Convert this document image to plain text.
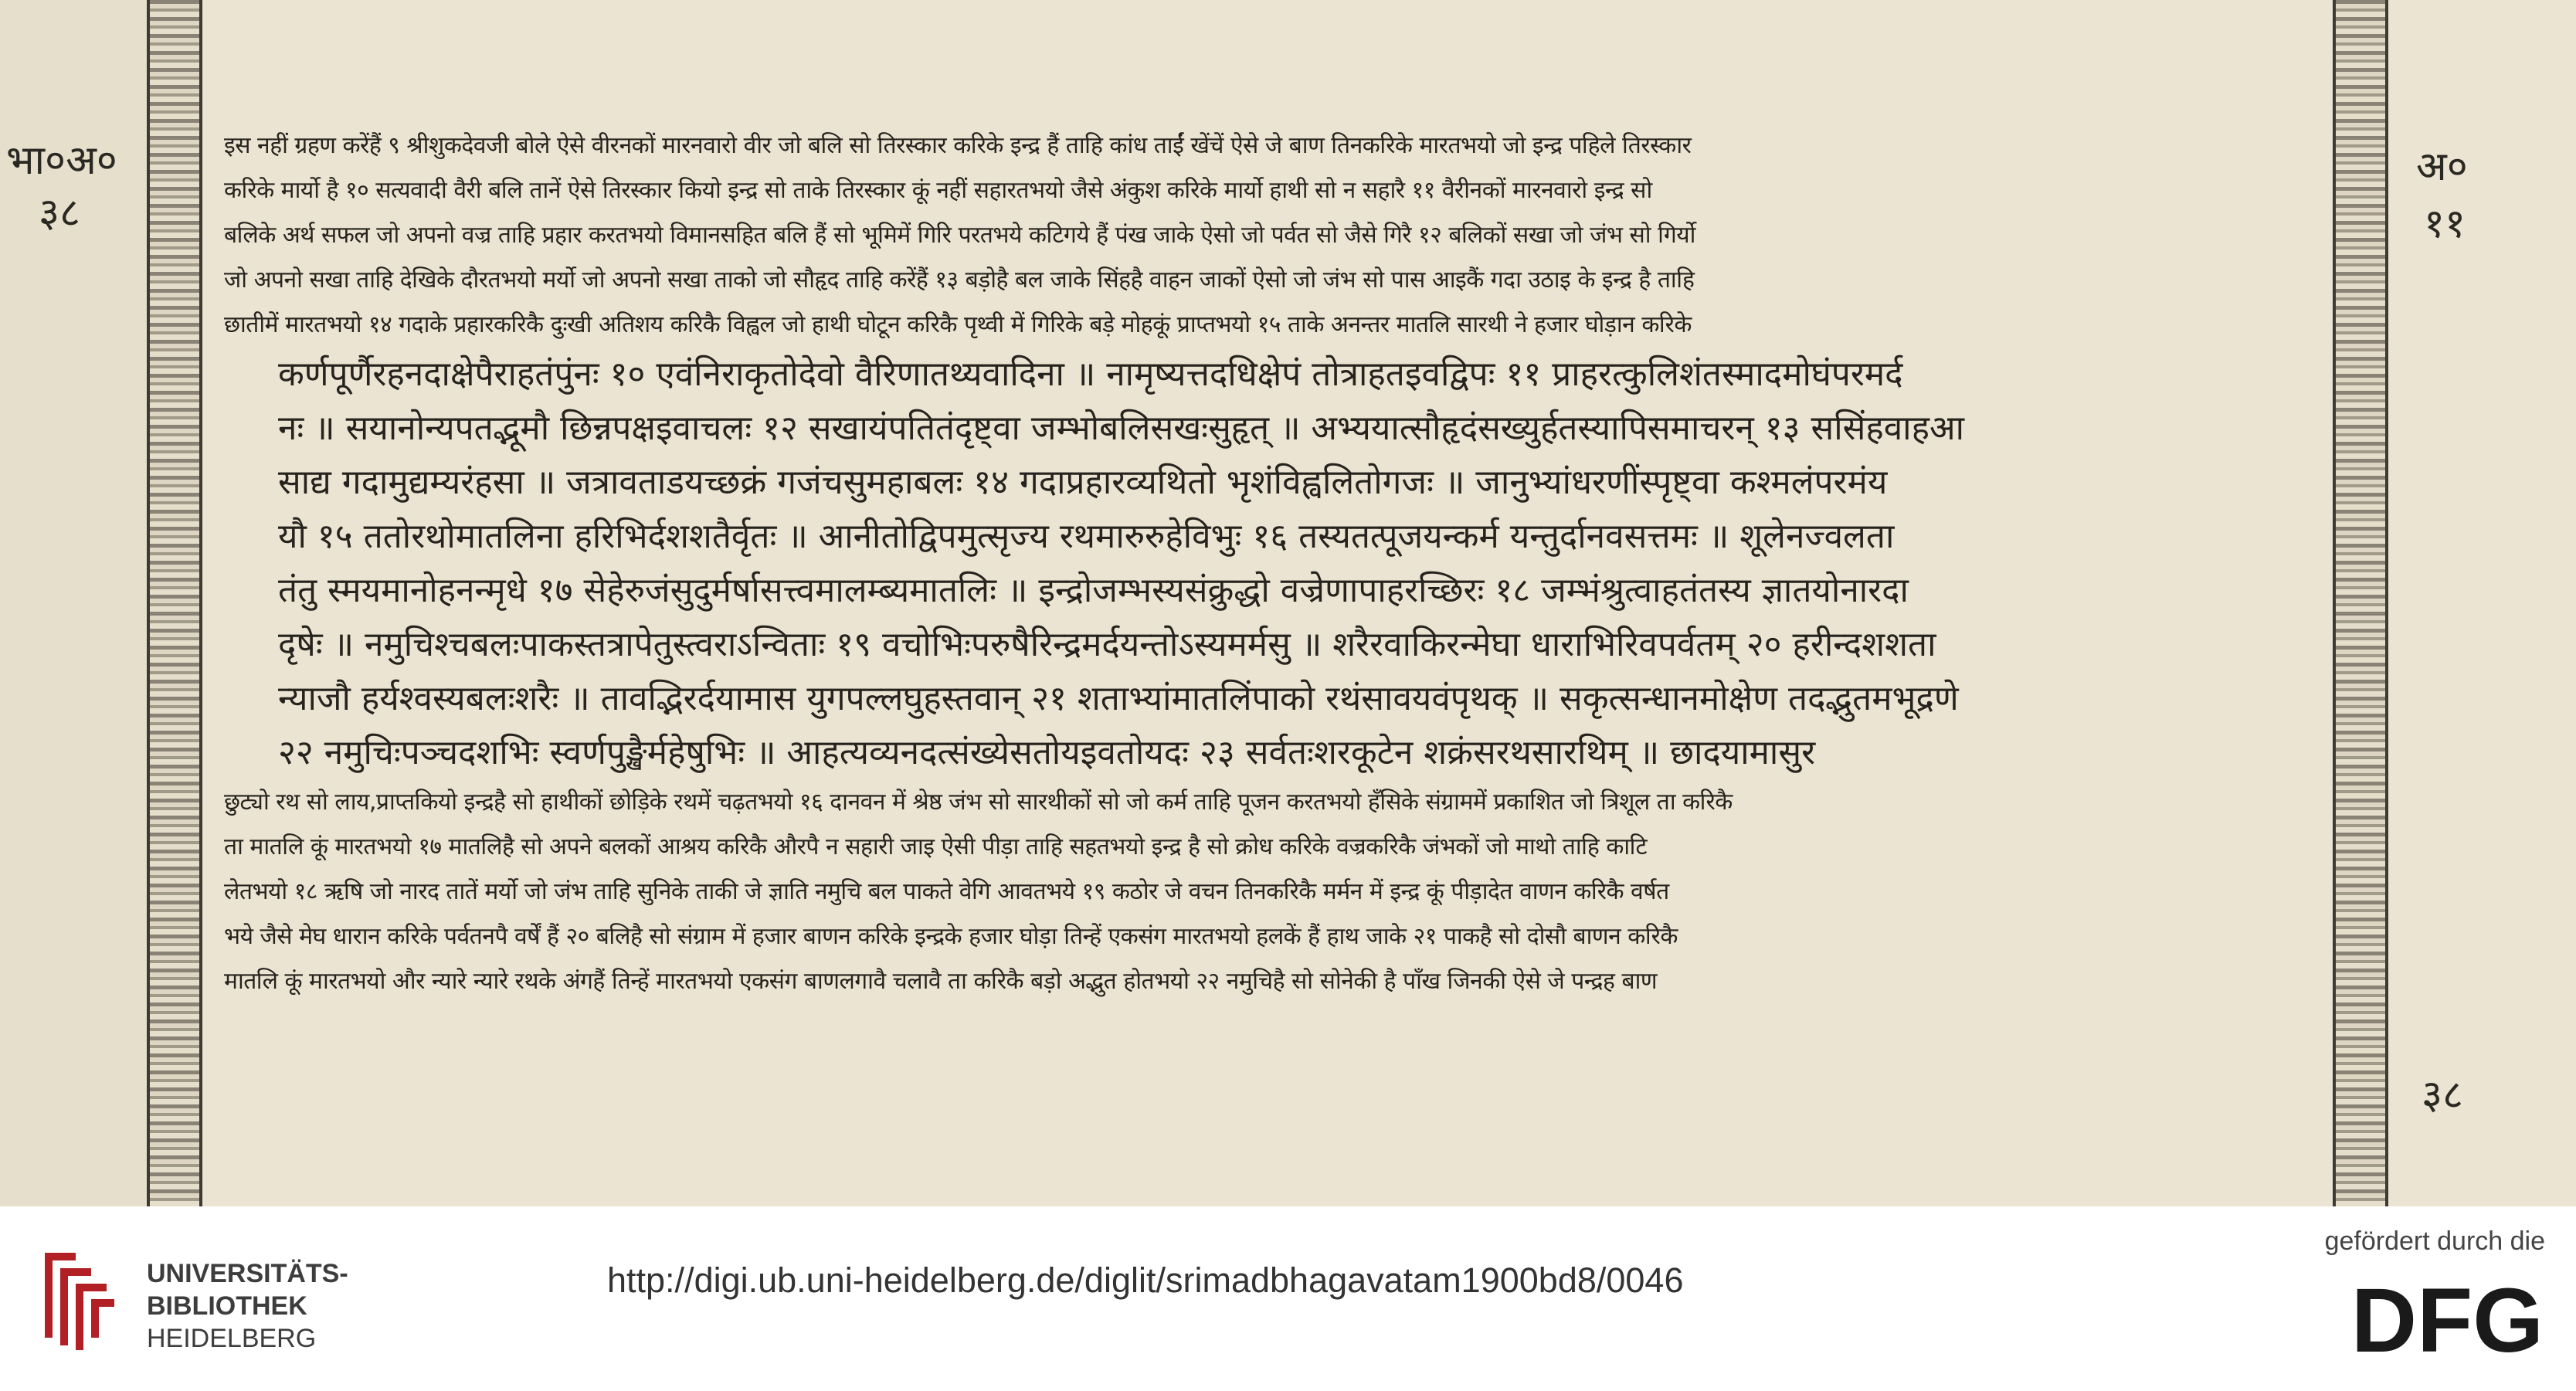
भा०अ०
३८
अ०
११
३८
इस नहीं ग्रहण करेंहैं ९ श्रीशुकदेवजी बोले ऐसे वीरनकों मारनवारो वीर जो बलि सो तिरस्कार करिके इन्द्र हैं ताहि कांध ताईं खेंचें ऐसे जे बाण तिनकरिके मारतभयो जो इन्द्र पहिले तिरस्कार
करिके मार्यो है १० सत्यवादी वैरी बलि तानें ऐसे तिरस्कार कियो इन्द्र सो ताके तिरस्कार कूं नहीं सहारतभयो जैसे अंकुश करिके मार्यो हाथी सो न सहारै ११ वैरीनकों मारनवारो इन्द्र सो
बलिके अर्थ सफल जो अपनो वज्र ताहि प्रहार करतभयो विमानसहित बलि हैं सो भूमिमें गिरि परतभये कटिगये हैं पंख जाके ऐसो जो पर्वत सो जैसे गिरै १२ बलिकों सखा जो जंभ सो गिर्यो
जो अपनो सखा ताहि देखिके दौरतभयो मर्यो जो अपनो सखा ताको जो सौहृद ताहि करेंहैं १३ बड़ोहै बल जाके सिंहहै वाहन जाकों ऐसो जो जंभ सो पास आइकैं गदा उठाइ के इन्द्र है ताहि
छातीमें मारतभयो १४ गदाके प्रहारकरिकै दुःखी अतिशय करिकै विह्वल जो हाथी घोटून करिकै पृथ्वी में गिरिके बड़े मोहकूं प्राप्तभयो १५ ताके अनन्तर मातलि सारथी ने हजार घोड़ान करिके
कर्णपूर्णैरहनदाक्षेपैराहतंपुंनः १० एवंनिराकृतोदेवो वैरिणातथ्यवादिना ॥ नामृष्यत्तदधिक्षेपं तोत्राहतइवद्विपः ११ प्राहरत्कुलिशंतस्मादमोघंपरमर्द
नः ॥ सयानोन्यपतद्भूमौ छिन्नपक्षइवाचलः १२ सखायंपतितंदृष्ट्वा जम्भोबलिसखःसुहृत् ॥ अभ्ययात्सौहृदंसख्युर्हतस्यापिसमाचरन् १३ ससिंहवाहआ
साद्य गदामुद्यम्यरंहसा ॥ जत्रावताडयच्छक्रं गजंचसुमहाबलः १४ गदाप्रहारव्यथितो भृशंविह्वलितोगजः ॥ जानुभ्यांधरणींस्पृष्ट्वा कश्मलंपरमंय
यौ १५ ततोरथोमातलिना हरिभिर्दशशतैर्वृतः ॥ आनीतोद्विपमुत्सृज्य रथमारुरुहेविभुः १६ तस्यतत्पूजयन्कर्म यन्तुर्दानवसत्तमः ॥ शूलेनज्वलता
तंतु स्मयमानोहनन्मृधे १७ सेहेरुजंसुदुर्मर्षासत्त्वमालम्ब्यमातलिः ॥ इन्द्रोजम्भस्यसंक्रुद्धो वज्रेणापाहरच्छिरः १८ जम्भंश्रुत्वाहतंतस्य ज्ञातयोनारदा
दृषेः ॥ नमुचिश्चबलःपाकस्तत्रापेतुस्त्वराऽन्विताः १९ वचोभिःपरुषैरिन्द्रमर्दयन्तोऽस्यमर्मसु ॥ शरैरवाकिरन्मेघा धाराभिरिवपर्वतम् २० हरीन्दशशता
न्याजौ हर्यश्वस्यबलःशरैः ॥ तावद्भिरर्दयामास युगपल्लघुहस्तवान् २१ शताभ्यांमातलिंपाको रथंसावयवंपृथक् ॥ सकृत्सन्धानमोक्षेण तदद्भुतमभूद्रणे
२२ नमुचिःपञ्चदशभिः स्वर्णपुङ्खैर्महेषुभिः ॥ आहत्यव्यनदत्संख्येसतोयइवतोयदः २३ सर्वतःशरकूटेन शक्रंसरथसारथिम् ॥ छादयामासुर
छुट्यो रथ सो लाय,प्राप्तकियो इन्द्रहै सो हाथीकों छोड़िके रथमें चढ़तभयो १६ दानवन में श्रेष्ठ जंभ सो सारथीकों सो जो कर्म ताहि पूजन करतभयो हँसिके संग्राममें प्रकाशित जो त्रिशूल ता करिकै
ता मातलि कूं मारतभयो १७ मातलिहै सो अपने बलकों आश्रय करिकै औरपै न सहारी जाइ ऐसी पीड़ा ताहि सहतभयो इन्द्र है सो क्रोध करिके वज्रकरिकै जंभकों जो माथो ताहि काटि
लेतभयो १८ ऋषि जो नारद तातें मर्यो जो जंभ ताहि सुनिके ताकी जे ज्ञाति नमुचि बल पाकते वेगि आवतभये १९ कठोर जे वचन तिनकरिकै मर्मन में इन्द्र कूं पीड़ादेत वाणन करिकै वर्षत
भये जैसे मेघ धारान करिके पर्वतनपै वर्षें हैं २० बलिहै सो संग्राम में हजार बाणन करिके इन्द्रके हजार घोड़ा तिन्हें एकसंग मारतभयो हलकें हैं हाथ जाके २१ पाकहै सो दोसौ बाणन करिकै
मातलि कूं मारतभयो और न्यारे न्यारे रथके अंगहैं तिन्हें मारतभयो एकसंग बाणलगावै चलावै ता करिकै बड़ो अद्भुत होतभयो २२ नमुचिहै सो सोनेकी है पाँख जिनकी ऐसे जे पन्द्रह बाण
UNIVERSITÄTS-
BIBLIOTHEK
HEIDELBERG
http://digi.ub.uni-heidelberg.de/diglit/srimadbhagavatam1900bd8/0046
gefördert durch die
DFG
